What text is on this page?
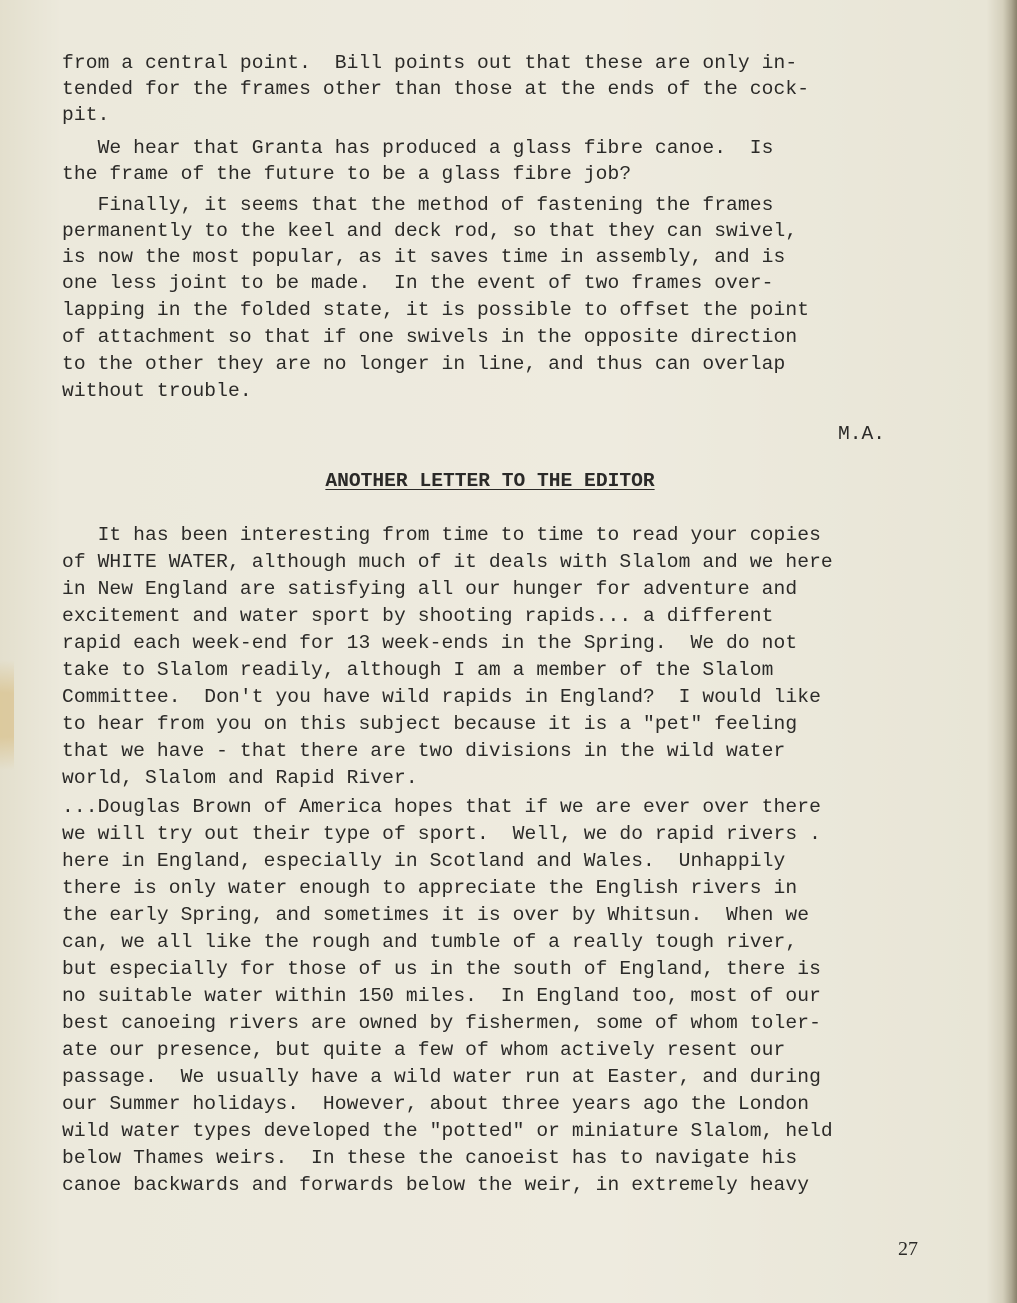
from a central point.  Bill points out that these are only in-

tended for the frames other than those at the ends of the cock-

pit.

We hear that Granta has produced a glass fibre canoe.  Is

the frame of the future to be a glass fibre job?

Finally, it seems that the method of fastening the frames

permanently to the keel and deck rod, so that they can swivel,

is now the most popular, as it saves time in assembly, and is

one less joint to be made.  In the event of two frames over-

lapping in the folded state, it is possible to offset the point

of attachment so that if one swivels in the opposite direction

to the other they are no longer in line, and thus can overlap

without trouble.

M.A.
ANOTHER LETTER TO THE EDITOR

It has been interesting from time to time to read your copies

of WHITE WATER, although much of it deals with Slalom and we here

in New England are satisfying all our hunger for adventure and

excitement and water sport by shooting rapids... a different

rapid each week-end for 13 week-ends in the Spring.  We do not

take to Slalom readily, although I am a member of the Slalom

Committee.  Don't you have wild rapids in England?  I would like

to hear from you on this subject because it is a "pet" feeling

that we have - that there are two divisions in the wild water

world, Slalom and Rapid River.

...Douglas Brown of America hopes that if we are ever over there

we will try out their type of sport.  Well, we do rapid rivers .

here in England, especially in Scotland and Wales.  Unhappily

there is only water enough to appreciate the English rivers in

the early Spring, and sometimes it is over by Whitsun.  When we

can, we all like the rough and tumble of a really tough river,

but especially for those of us in the south of England, there is

no suitable water within 150 miles.  In England too, most of our

best canoeing rivers are owned by fishermen, some of whom toler-

ate our presence, but quite a few of whom actively resent our

passage.  We usually have a wild water run at Easter, and during

our Summer holidays.  However, about three years ago the London

wild water types developed the "potted" or miniature Slalom, held

below Thames weirs.  In these the canoeist has to navigate his

canoe backwards and forwards below the weir, in extremely heavy

27
